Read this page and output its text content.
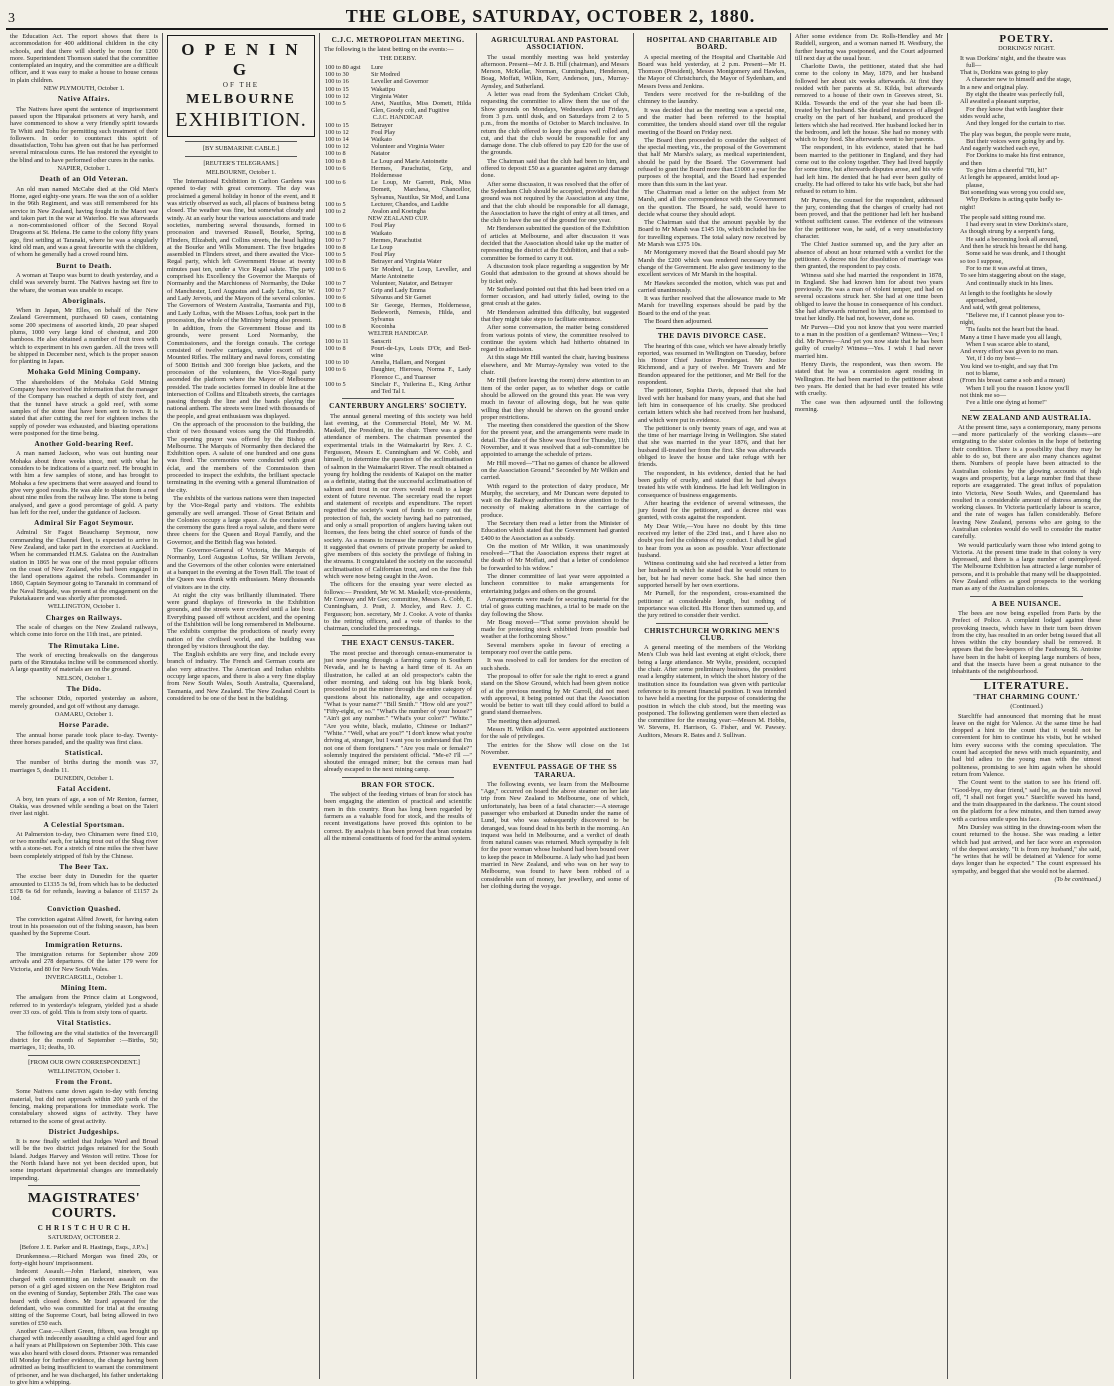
3	THE GLOBE, SATURDAY, OCTOBER 2, 1880.

the Education Act. The report shows that there is accommodation for 400 additional children in the city schools, and that there will shortly be room for 1200 more. Superintendent Thomson stated that the committee contemplated an inquiry, and the committee are a difficult officer, and it was easy to make a house to house census in plain children.

NEW PLYMOUTH, October 1.
Native Affairs.

The Natives have spent the sentence of imprisonment passed upon the Hiparakai prisoners at very harsh, and have commenced to show a very friendly spirit towards Te Whiti and Tohu for permitting such treatment of their followers. In order to counteract this spirit of dissatisfaction, Tohu has given out that he has performed several miraculous cures. He has restored the eyesight to the blind and to have performed other cures in the ranks.

NAPIER, October 1.
Death of an Old Veteran.

An old man named McCabe died at the Old Men's Home, aged eighty-one years. He was the son of a soldier in the 96th Regiment, and was still remembered for his service in New Zealand, having fought in the Maori war and taken part in the war at Waterloo. He was afterwards a non-commissioned officer of the Second Royal Dragoons at St. Helena. He came to the colony fifty years ago, first settling at Taranaki, where he was a singularly kind old man, and was a great favourite with the children, of whom he generally had a crowd round him.

Burnt to Death.

A woman at Taupo was burnt to death yesterday, and a child was severely burnt. The Natives having set fire to the whare, the woman was unable to escape.

Aboriginals.

When in Japan, Mr Elles, on behalf of the New Zealand Government, purchased 60 cases, containing some 200 specimens of assorted kinds, 20 pear shaped plums, 1000 very large kind of chestnut, and 200 bamboos. He also obtained a number of fruit trees with which to experiment in his own garden. All the trees will be shipped in December next, which is the proper season for planting in Japan.

Mohaka Gold Mining Company.

The shareholders of the Mohaka Gold Mining Company have received the information that the manager of the Company has reached a depth of sixty feet, and that the tunnel have struck a gold reef, with some samples of the stone that have been sent to town. It is stated that after cutting the reef for eighteen inches the supply of powder was exhausted, and blasting operations were postponed for the time being.

Another Gold-bearing Reef.

A man named Jackson, who was out hunting near Mohaka about three weeks since, met with what he considers to be indications of a quartz reef. He brought in with him a few samples of stone, and has brought to Mohaka a few specimens that were assayed and found to give very good results. He was able to obtain from a reef about nine miles from the railway line. The stone is being analysed, and gave a good percentage of gold. A party has left for the reef, under the guidance of Jackson.

Admiral Sir Fagot Seymour.

Admiral Sir Fagot Beauchamp Seymour, now commanding the Channel fleet, is expected to arrive in New Zealand, and take part in the exercises at Auckland. When he commanded H.M.S. Galatea on the Australian station in 1865 he was one of the most popular officers on the coast of New Zealand, who had been engaged in the land operations against the rebels. Commander in 1860, Captain Seymour going to Taranaki in command of the Naval Brigade, was present at the engagement on the Puketakauere and was shortly after promoted.

WELLINGTON, October 1.
Charges on Railways.

The scale of charges on the New Zealand railways, which come into force on the 11th inst., are printed.

The Rimutaka Line.

The work of erecting breakwalls on the dangerous parts of the Rimutaka incline will be commenced shortly. A large quantity of materials are on the ground.

NELSON, October 1.
The Dido.

The schooner Dido, reported yesterday as ashore, merely grounded, and got off without any damage.

OAMARU, October 1.
Horse Parade.

The annual horse parade took place to-day. Twenty-three horses paraded, and the quality was first class.

Statistical.

The number of births during the month was 37, marriages 5, deaths 11.

DUNEDIN, October 1.
Fatal Accident.

A boy, ten years of age, a son of Mr Renton, farmer, Otakia, was drowned while sending a boat on the Taieri river last night.

A Celestial Sportsman.

At Palmerston to-day, two Chinamen were fined £10, or two months' each, for taking trout out of the Shag river with a stone-net. For a stretch of nine miles the river have been completely stripped of fish by the Chinese.

The Beer Tax.

The excise beer duty in Dunedin for the quarter amounted to £1335 3s 9d, from which has to be deducted £178 6s 6d for refunds, leaving a balance of £1157 2s 10d.

Conviction Quashed.

The conviction against Alfred Jowett, for having eaten trout in his possession out of the fishing season, has been quashed by the Supreme Court.

Immigration Returns.

The immigration returns for September show 209 arrivals and 278 departures. Of the latter 179 were for Victoria, and 80 for New South Wales.

INVERCARGILL, October 1.
Mining Item.

The amalgam from the Prince claim at Longwood, referred to in yesterday's telegram, yielded just a shade over 33 ozs. of gold. This is from sixty tons of quartz.

Vital Statistics.

The following are the vital statistics of the Invercargill district for the month of September :—Births, 50; marriages, 11; deaths, 10.

[FROM OUR OWN CORRESPONDENT.]
WELLINGTON, October 1.
From the Front.

Some Natives came down again to-day with fencing material, but did not approach within 200 yards of the fencing, making preparations for immediate work. The constabulary showed signs of activity. They have returned to the scene of great activity.

District Judgeships.

It is now finally settled that Judges Ward and Broad will be the two district judges retained for the South Island. Judges Harvey and Weston will retire. Those for the North Island have not yet been decided upon, but some important departmental changes are immediately impending.

MAGISTRATES' COURTS.
C H R I S T C H U R C H.
SATURDAY, OCTOBER 2.
[Before J. E. Parker and R. Hastings, Esqs., J.P.'s.]

Drunkenness.—Richard Morgan was fined 20s, or forty-eight hours' imprisonment.

Indecent Assault.—John Harland, nineteen, was charged with committing an indecent assault on the person of a girl aged sixteen on the New Brighton road on the evening of Sunday, September 26th. The case was heard with closed doors. Mr Izard appeared for the defendant, who was committed for trial at the ensuing sitting of the Supreme Court, bail being allowed in two sureties of £50 each.

Another Case.—Albert Green, fifteen, was brought up charged with indecently assaulting a child aged four and a half years at Phillipstown on September 30th. This case was also heard with closed doors. Prisoner was remanded till Monday for further evidence, the charge having been admitted as being insufficient to warrant the commitment of prisoner, and he was discharged, his father undertaking to give him a whipping.

O P E N I N G
OF THE
MELBOURNE
EXHIBITION.
[BY SUBMARINE CABLE.]
[REUTER'S TELEGRAMS.]
MELBOURNE, October 1.

The International Exhibition in Carlton Gardens was opened to-day with great ceremony. The day was proclaimed a general holiday in honor of the event, and it was strictly observed as such, all places of business being closed. The weather was fine, but somewhat cloudy and windy. At an early hour the various associations and trade societies, numbering several thousands, formed in procession and traversed Russell, Bourke, Spring, Flinders, Elizabeth, and Collins streets, the head halting at the Bourke and Wills Monument. The five brigades assembled in Flinders street, and there awaited the Vice-Regal party, which left Government House at twenty minutes past ten, under a Vice Regal salute. The party comprised his Excellency the Governor the Marquis of Normanby and the Marchioness of Normanby, the Duke of Manchester, Lord Augustus and Lady Loftus, Sir W. and Lady Jervois, and the Mayors of the several colonies. The Governors of Western Australia, Tasmania and Fiji, and Lady Loftus, with the Misses Loftus, took part in the procession, the whole of the Ministry being also present.

In addition, from the Government House and its grounds, were present Lord Normanby, the Commissioners, and the foreign consuls. The cortege consisted of twelve carriages, under escort of the Mounted Rifles. The military and naval forces, consisting of 5000 British and 300 foreign blue jackets, and the procession of the volunteers, the Vice-Regal party ascended the platform where the Mayor of Melbourne presided. The trade societies formed in double line at the intersection of Collins and Elizabeth streets, the carriages passing through the line and the bands playing the national anthem. The streets were lined with thousands of the people, and great enthusiasm was displayed.

On the approach of the procession to the building, the choir of two thousand voices sang the Old Hundredth. The opening prayer was offered by the Bishop of Melbourne. The Marquis of Normanby then declared the Exhibition open. A salute of one hundred and one guns was fired. The ceremonies were conducted with great éclat, and the members of the Commission then proceeded to inspect the exhibits, the brilliant spectacle terminating in the evening with a general illumination of the city.

The exhibits of the various nations were then inspected by the Vice-Regal party and visitors. The exhibits generally are well arranged. Those of Great Britain and the Colonies occupy a large space. At the conclusion of the ceremony the guns fired a royal salute, and there were three cheers for the Queen and Royal Family, and the Governor, and the British flag was hoisted.

The Governor-General of Victoria, the Marquis of Normanby, Lord Augustus Loftus, Sir William Jervois, and the Governors of the other colonies were entertained at a banquet in the evening at the Town Hall. The toast of the Queen was drunk with enthusiasm. Many thousands of visitors are in the city.

At night the city was brilliantly illuminated. There were grand displays of fireworks in the Exhibition grounds, and the streets were crowded until a late hour. Everything passed off without accident, and the opening of the Exhibition will be long remembered in Melbourne. The exhibits comprise the productions of nearly every nation of the civilised world, and the building was thronged by visitors throughout the day.

The English exhibits are very fine, and include every branch of industry. The French and German courts are also very attractive. The American and Indian exhibits occupy large spaces, and there is also a very fine display from New South Wales, South Australia, Queensland, Tasmania, and New Zealand. The New Zealand Court is considered to be one of the best in the building.

C.J.C. METROPOLITAN MEETING.

The following is the latest betting on the events:—

THE DERBY.
100 to 80 agst	Lure
100 to 30	Sir Modred
100 to 16	Leveller and Governor
100 to 15	Wakatipu
100 to 12	Virginia Water
100 to 5	Atwi, Nautilus, Miss Domett, Hilda Glen, Goody colt, and Fugitive
C.J.C. HANDICAP.	
100 to 15	Betrayer
100 to 12	Foul Play
100 to 14	Waikato
100 to 12	Volunteer and Virginia Water
100 to 8	Natator
100 to 8	Le Loup and Marie Antoinette
100 to 6	Hermes, Parachutist, Grip, and Holdernesse
100 to 6	Le Loup, Mr Garrett, Pink, Miss Domett, Marchesa, Chancellor, Sylvanus, Nautilus, Sir Mod, and Luna
100 to 5	Lecturer, Chandos, and Laddie
100 to 2	Avalon and Koeingha
NEW ZEALAND CUP.	
100 to 6	Foul Play
100 to 8	Waikato
100 to 7	Hermes, Parachutist
100 to 8	Le Loup
100 to 5	Foul Play
100 to 8	Betrayer and Virginia Water
100 to 6	Sir Modred, Le Loup, Leveller, and Marie Antoinette
100 to 7	Volunteer, Natator, and Betrayer
100 to 7	Grip and Lady Emma
100 to 6	Silvanus and Sir Garnet
100 to 8	Sir George, Hermes, Holdernesse, Bedeworth, Nemesis, Hilda, and Sylvanus
100 to 8	Kocoinha
WELTER HANDICAP.	
100 to 11	Sanscrit
100 to 8	Pouri-de-Lys, Louis D'Or, and Bed-wine
100 to 10	Amelia, Hallam, and Norgani
100 to 6	Daughter, Hierosea, Norma F., Lady Florence C., and Tuareser
100 to 5	Sinclair F., Yuilerina E., King Arthur and Ted Tal I.
CANTERBURY ANGLERS' SOCIETY.

The annual general meeting of this society was held last evening, at the Commercial Hotel, Mr W. M. Maskell, the President, in the chair. There was a good attendance of members. The chairman presented the experimental trials in the Waimakariri by Rev. J. C. Fergusson, Messrs E. Cunningham and W. Cobb, and himself, to determine the question of the acclimatisation of salmon in the Waimakariri River. The result obtained a young fry holding the residents of Kaiapoi on the matter as a definite, stating that the successful acclimatisation of salmon and trout in our rivers would result to a large extent of future revenue. The secretary read the report and statement of receipts and expenditure. The report regretted the society's want of funds to carry out the protection of fish, the society having had no patronised, and only a small proportion of anglers having taken out licenses, the fees being the chief source of funds of the society. As a means to increase the number of members, it suggested that owners of private property be asked to give members of this society the privilege of fishing in the streams. It congratulated the society on the successful acclimatisation of Californian trout, and on the fine fish which were now being caught in the Avon.

The officers for the ensuing year were elected as follows:— President, Mr W. M. Maskell; vice-presidents, Mr Conway and Mr Gee; committee, Messrs A. Cobb, E. Cunningham, J. Pratt, J. Mozley, and Rev. J. C. Fergusson; hon. secretary, Mr J. Cooke. A vote of thanks to the retiring officers, and a vote of thanks to the chairman, concluded the proceedings.

THE EXACT CENSUS-TAKER.

The most precise and thorough census-enumerator is just now passing through a farming camp in Southern Nevada, and he is having a hard time of it. As an illustration, he called at an old prospector's cabin the other morning, and taking out his big blank book, proceeded to put the miner through the entire category of questions about his nationality, age and occupation. "What is your name?" "Bill Smith." "How old are you?" "Fifty-eight, or so." "What's the number of your house?" "Ain't got any number." "What's your color?" "White." "Are you white, black, mulatto, Chinese or Indian?" "White." "Well, what are you?" "I don't know what you're driving at, stranger, but I want you to understand that I'm not one of them foreigners." "Are you male or female?" solemnly inquired the persistent official. "Me-e? I'll —" shouted the enraged miner; but the census man had already escaped to the next mining camp.

BRAN FOR STOCK.

The subject of the feeding virtues of bran for stock has been engaging the attention of practical and scientific men in this country. Bran has long been regarded by farmers as a valuable food for stock, and the results of recent investigations have proved this opinion to be correct. By analysis it has been proved that bran contains all the mineral constituents of food for the animal system.

AGRICULTURAL AND PASTORAL ASSOCIATION.

The usual monthly meeting was held yesterday afternoon. Present—Mr J. B. Hill (chairman), and Messrs Merson, McKellar, Norman, Cunningham, Henderson, Boag, Moffatt, Wilkin, Kerr, Anderson, jun., Murray-Aynsley, and Sutherland.

A letter was read from the Sydenham Cricket Club, requesting the committee to allow them the use of the Show grounds on Mondays, Wednesdays and Fridays, from 3 p.m. until dusk, and on Saturdays from 2 to 5 p.m., from the months of October to March inclusive. In return the club offered to keep the grass well rolled and cut, and that the club would be responsible for any damage done. The club offered to pay £20 for the use of the grounds.

The Chairman said that the club had been to him, and offered to deposit £50 as a guarantee against any damage done.

After some discussion, it was resolved that the offer of the Sydenham Club should be accepted, provided that the ground was not required by the Association at any time, and that the club should be responsible for all damage, the Association to have the right of entry at all times, and the club to have the use of the ground for one year.

Mr Henderson submitted the question of the Exhibition of articles at Melbourne, and after discussion it was decided that the Association should take up the matter of representing the district at the Exhibition, and that a sub-committee be formed to carry it out.

A discussion took place regarding a suggestion by Mr Gould that admission to the ground at shows should be by ticket only.

Mr Sutherland pointed out that this had been tried on a former occasion, and had utterly failed, owing to the great crush at the gates.

Mr Henderson admitted this difficulty, but suggested that they might take steps to facilitate entrance.

After some conversation, the matter being considered from various points of view, the committee resolved to continue the system which had hitherto obtained in regard to admission.

At this stage Mr Hill wanted the chair, having business elsewhere, and Mr Murray-Aynsley was voted to the chair.

Mr Hill (before leaving the room) drew attention to an item of the order paper, as to whether dogs or cattle should be allowed on the ground this year. He was very much in favour of allowing dogs, but he was quite willing that they should be shown on the ground under proper restrictions.

The meeting then considered the question of the Show for the present year, and the arrangements were made in detail. The date of the Show was fixed for Thursday, 11th November, and it was resolved that a sub-committee be appointed to arrange the schedule of prizes.

Mr Hill moved—"That no games of chance be allowed on the Association Ground." Seconded by Mr Wilkin and carried.

With regard to the protection of dairy produce, Mr Murphy, the secretary, and Mr Duncan were deputed to wait on the Railway authorities to draw attention to the necessity of making alterations in the carriage of produce.

The Secretary then read a letter from the Minister of Education which stated that the Government had granted £400 to the Association as a subsidy.

On the motion of Mr Wilkin, it was unanimously resolved—"That the Association express their regret at the death of Mr Moffatt, and that a letter of condolence be forwarded to his widow."

The dinner committee of last year were appointed a luncheon committee to make arrangements for entertaining judges and others on the ground.

Arrangements were made for securing material for the trial of grass cutting machines, a trial to be made on the day following the Show.

Mr Boag moved—"That some provision should be made for protecting stock exhibited from possible bad weather at the forthcoming Show."

Several members spoke in favour of erecting a temporary roof over the cattle pens.

It was resolved to call for tenders for the erection of such sheds.

The proposal to offer for sale the right to erect a grand stand on the Show Ground, which had been given notice of at the previous meeting by Mr Carroll, did not meet with approval, it being pointed out that the Association would be better to wait till they could afford to build a grand stand themselves.

The meeting then adjourned.

Messrs H. Wilkin and Co. were appointed auctioneers for the sale of privileges.

The entries for the Show will close on the 1st November.

EVENTFUL PASSAGE OF THE SS TARARUA.

The following events, we learn from the Melbourne "Age," occurred on board the above steamer on her late trip from New Zealand to Melbourne, one of which, unfortunately, has been of a fatal character:—A steerage passenger who embarked at Dunedin under the name of Lund, but who was subsequently discovered to be deranged, was found dead in his berth in the morning. An inquest was held in Melbourne, and a verdict of death from natural causes was returned. Much sympathy is felt for the poor woman whose husband had been bound over to keep the peace in Melbourne. A lady who had just been married in New Zealand, and who was on her way to Melbourne, was found to have been robbed of a considerable sum of money, her jewellery, and some of her clothing during the voyage.

HOSPITAL AND CHARITABLE AID BOARD.

A special meeting of the Hospital and Charitable Aid Board was held yesterday, at 2 p.m. Present—Mr H. Thomson (President), Messrs Montgomery and Hawkes, the Mayor of Christchurch, the Mayor of Sydenham, and Messrs Ivess and Jenkins.

Tenders were received for the re-building of the chimney to the laundry.

It was decided that as the meeting was a special one, and the matter had been referred to the hospital committee, the tenders should stand over till the regular meeting of the Board on Friday next.

The Board then proceeded to consider the subject of the special meeting, viz., the proposal of the Government that half Mr Marsh's salary, as medical superintendent, should be paid by the Board. The Government had refused to grant the Board more than £1000 a year for the purposes of the hospital, and the Board had expended more than this sum in the last year.

The Chairman read a letter on the subject from Mr Marsh, and all the correspondence with the Government on the question. The Board, he said, would have to decide what course they should adopt.

The Chairman said that the amount payable by the Board to Mr Marsh was £145 10s, which included his fee for travelling expenses. The total salary now received by Mr Marsh was £375 10s.

Mr Montgomery moved that the Board should pay Mr Marsh the £200 which was rendered necessary by the change of the Government. He also gave testimony to the excellent services of Mr Marsh in the hospital.

Mr Hawkes seconded the motion, which was put and carried unanimously.

It was further resolved that the allowance made to Mr Marsh for travelling expenses should be paid by the Board to the end of the year.

The Board then adjourned.

THE DAVIS DIVORCE CASE.

The hearing of this case, which we have already briefly reported, was resumed in Wellington on Tuesday, before his Honor Chief Justice Prendergast. Mr Justice Richmond, and a jury of twelve. Mr Travers and Mr Brandon appeared for the petitioner, and Mr Bell for the respondent.

The petitioner, Sophia Davis, deposed that she had lived with her husband for many years, and that she had left him in consequence of his cruelty. She produced certain letters which she had received from her husband, and which were put in evidence.

The petitioner is only twenty years of age, and was at the time of her marriage living in Wellington. She stated that she was married in the year 1876, and that her husband ill-treated her from the first. She was afterwards obliged to leave the house and take refuge with her friends.

The respondent, in his evidence, denied that he had been guilty of cruelty, and stated that he had always treated his wife with kindness. He had left Wellington in consequence of business engagements.

After hearing the evidence of several witnesses, the jury found for the petitioner, and a decree nisi was granted, with costs against the respondent.

My Dear Wife,—You have no doubt by this time received my letter of the 23rd inst., and I have also no doubt you feel the coldness of my conduct. I shall be glad to hear from you as soon as possible. Your affectionate husband.

Witness continuing said she had received a letter from her husband in which he stated that he would return to her, but he had never come back. She had since then supported herself by her own exertions.

Mr Purnell, for the respondent, cross-examined the petitioner at considerable length, but nothing of importance was elicited. His Honor then summed up, and the jury retired to consider their verdict.

CHRISTCHURCH WORKING MEN'S CLUB.

A general meeting of the members of the Working Men's Club was held last evening at eight o'clock, there being a large attendance. Mr Wylie, president, occupied the chair. After some preliminary business, the president read a lengthy statement, in which the short history of the institution since its foundation was given with particular reference to its present financial position. It was intended to have held a meeting for the purpose of considering the position in which the club stood, but the meeting was postponed. The following gentlemen were then elected as the committee for the ensuing year:—Messrs M. Hobbs, W. Stevens, H. Harrison, G. Fisher, and W. Pawsey. Auditors, Messrs R. Bates and J. Sullivan.

After some evidence from Dr. Rolls-Hendley and Mr Ruddell, surgeon, and a woman named H. Westbury, the further hearing was postponed, and the Court adjourned till next day at the usual hour.

Charlotte Davis, the petitioner, stated that she had come to the colony in May, 1879, and her husband followed her about six weeks afterwards. At first they resided with her parents at St. Kilda, but afterwards removed to a house of their own in Greeves street, St. Kilda. Towards the end of the year she had been ill-treated by her husband. She detailed instances of alleged cruelty on the part of her husband, and produced the letters which she had received. Her husband locked her in the bedroom, and left the house. She had no money with which to buy food. She afterwards went to her parents.

The respondent, in his evidence, stated that he had been married to the petitioner in England, and they had come out to the colony together. They had lived happily for some time, but afterwards disputes arose, and his wife had left him. He denied that he had ever been guilty of cruelty. He had offered to take his wife back, but she had refused to return to him.

Mr Purves, the counsel for the respondent, addressed the jury, contending that the charges of cruelty had not been proved, and that the petitioner had left her husband without sufficient cause. The evidence of the witnesses for the petitioner was, he said, of a very unsatisfactory character.

The Chief Justice summed up, and the jury after an absence of about an hour returned with a verdict for the petitioner. A decree nisi for dissolution of marriage was then granted, the respondent to pay costs.

Witness said she had married the respondent in 1878, in England. She had known him for about two years previously. He was a man of violent temper, and had on several occasions struck her. She had at one time been obliged to leave the house in consequence of his conduct. She had afterwards returned to him, and he promised to treat her kindly. He had not, however, done so.

Mr Purves—Did you not know that you were married to a man in the position of a gentleman? Witness—Yes; I did. Mr Purves—And yet you now state that he has been guilty of cruelty? Witness—Yes. I wish I had never married him.

Henry Davis, the respondent, was then sworn. He stated that he was a commission agent residing in Wellington. He had been married to the petitioner about two years. He denied that he had ever treated his wife with cruelty.

The case was then adjourned until the following morning.

POETRY.
DORKINGS' NIGHT.

It was Dorkins' night, and the theatre was

full—

That is, Dorkins was going to play

A character new to himself and the stage,

In a new and original play.

By eight the theatre was perfectly full,

All awaited a pleasant surprise,

For they know that with laughter their

sides would ache,

And they longed for the curtain to rise.

The play was begun, the people were mute,

But their voices were going by and by.

And eagerly watched each eye,

For Dorkins to make his first entrance,

and then

To give him a cheerful "Hi, hi!"

At length he appeared, amidst loud ap-

plause,

But something was wrong you could see,

Why Dorkins is acting quite badly to-

night!

The people said sitting round me.

I had every seat in view Dorkins's stare,

As though strung by a serpent's fang,

He said a becoming look all around,

And then he struck his breast he did hang.

Some said he was drunk, and I thought

so too I suppose,

For to me it was awful at times,

To see him staggering about on the stage,

And continually stuck in his lines.

At length to the footlights he slowly

approached,

And said, with great politeness,

"Believe me, if I cannot please you to-

night,

'Tis faults not the heart but the head.

Many a time I have made you all laugh,

When I was scarce able to stand,

And every effort was given to no man.

Yet, if I do my best—

You kind we to-night, and say that I'm

not to blame,

(From his breast came a sob and a moan)

When I tell you the reason I know you'll

not think me so—

I've a little one dying at home!"

NEW ZEALAND AND AUSTRALIA.

At the present time, says a contemporary, many persons—and more particularly of the working classes—are emigrating to the sister colonies in the hope of bettering their condition. There is a possibility that they may be able to do so, but there are also many chances against them. Numbers of people have been attracted to the Australian colonies by the glowing accounts of high wages and prosperity, but a large number find that these reports are exaggerated. The great influx of population into Victoria, New South Wales, and Queensland has resulted in a considerable amount of distress among the working classes. In Victoria particularly labour is scarce, and the rate of wages has fallen considerably. Before leaving New Zealand, persons who are going to the Australian colonies would do well to consider the matter carefully.

We would particularly warn those who intend going to Victoria. At the present time trade in that colony is very depressed, and there is a large number of unemployed. The Melbourne Exhibition has attracted a large number of persons, and it is probable that many will be disappointed. New Zealand offers as good prospects to the working man as any of the Australian colonies.

A BEE NUISANCE.

The bees are now being expelled from Paris by the Prefect of Police. A complaint lodged against these provoking insects, which have in their turn been driven from the city, has resulted in an order being issued that all hives within the city boundary shall be removed. It appears that the bee-keepers of the Faubourg St. Antoine have been in the habit of keeping large numbers of bees, and that the insects have been a great nuisance to the inhabitants of the neighbourhood.

LITERATURE.
'THAT CHARMING COUNT.'
(Continued.)

Starcliffe had announced that morning that he must leave on the night for Valence. At the same time he had dropped a hint to the count that it would not be convenient for him to continue his visits, but he wished him every success with the coming speculation. The count had accepted the news with much equanimity, and had bid adieu to the young man with the utmost politeness, promising to see him again when he should return from Valence.

The Count went to the station to see his friend off. "Good-bye, my dear friend," said he, as the train moved off, "I shall not forget you." Starcliffe waved his hand, and the train disappeared in the darkness. The count stood on the platform for a few minutes, and then turned away with a curious smile upon his face.

Mrs Dursley was sitting in the drawing-room when the count returned to the house. She was reading a letter which had just arrived, and her face wore an expression of the deepest anxiety. "It is from my husband," she said, "he writes that he will be detained at Valence for some days longer than he expected." The count expressed his sympathy, and begged that she would not be alarmed.

(To be continued.)
